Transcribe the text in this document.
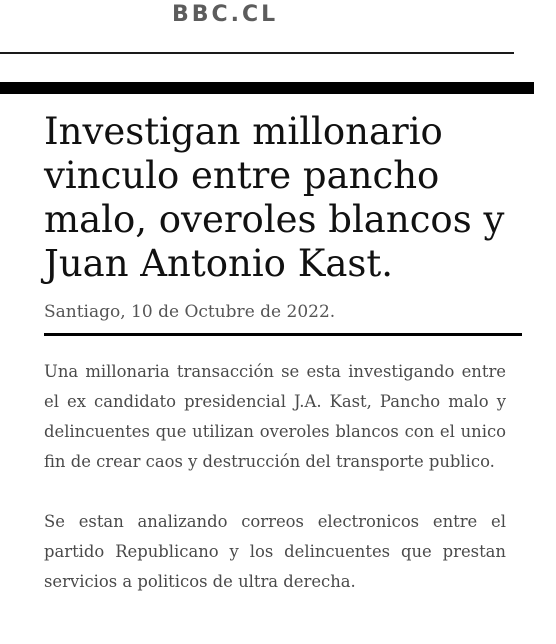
BBC.CL
Investigan millonario vinculo entre pancho malo, overoles blancos y Juan Antonio Kast.

Santiago, 10 de Octubre de 2022.

Una millonaria transacción se esta investigando entre el ex candidato presidencial J.A. Kast, Pancho malo y delincuentes que utilizan overoles blancos con el unico fin de crear caos y destrucción del transporte publico.

Se estan analizando correos electronicos entre el partido Republicano y los delincuentes que prestan servicios a politicos de ultra derecha.
